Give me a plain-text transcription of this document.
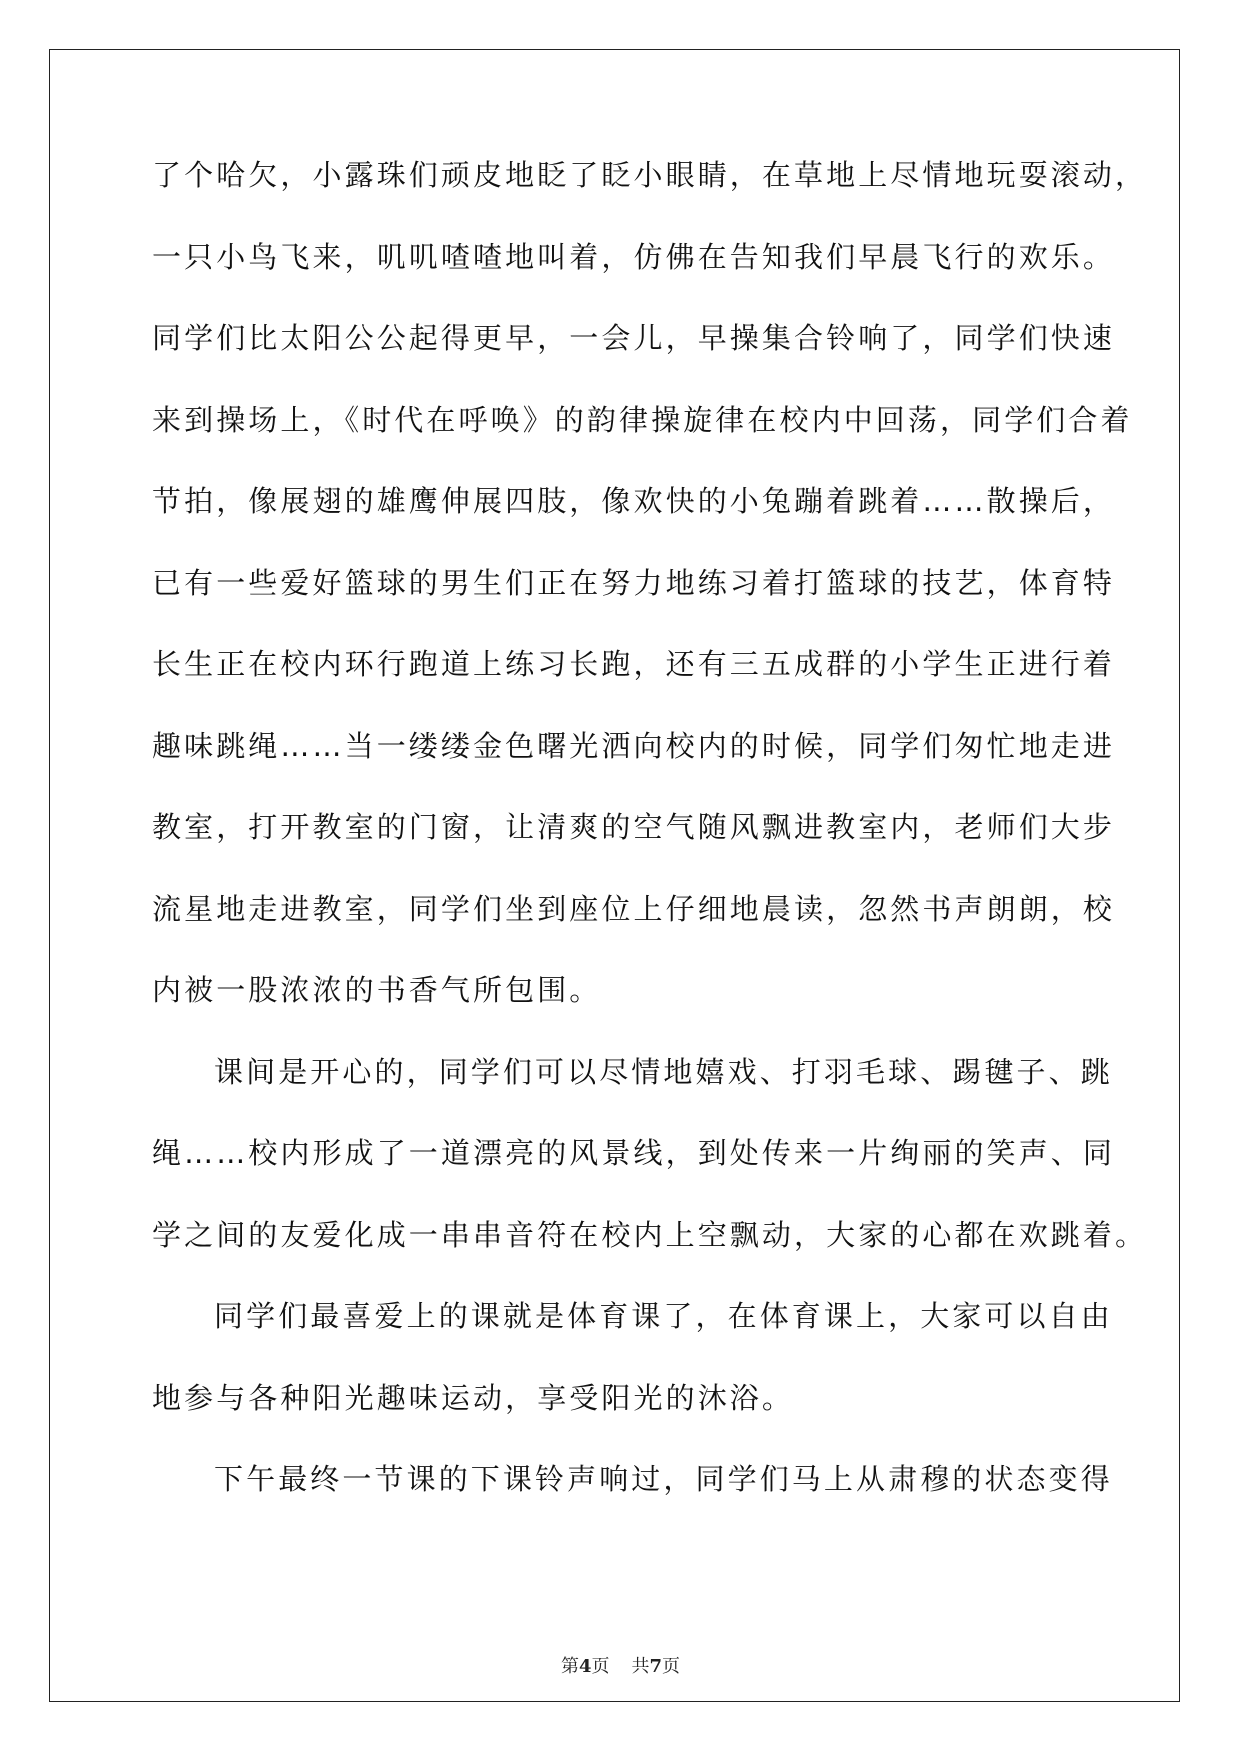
了个哈欠，小露珠们顽皮地眨了眨小眼睛，在草地上尽情地玩耍滚动，
一只小鸟飞来，叽叽喳喳地叫着，仿佛在告知我们早晨飞行的欢乐。
同学们比太阳公公起得更早，一会儿，早操集合铃响了，同学们快速
来到操场上，《时代在呼唤》的韵律操旋律在校内中回荡，同学们合着
节拍，像展翅的雄鹰伸展四肢，像欢快的小兔蹦着跳着……散操后，
已有一些爱好篮球的男生们正在努力地练习着打篮球的技艺，体育特
长生正在校内环行跑道上练习长跑，还有三五成群的小学生正进行着
趣味跳绳……当一缕缕金色曙光洒向校内的时候，同学们匆忙地走进
教室，打开教室的门窗，让清爽的空气随风飘进教室内，老师们大步
流星地走进教室，同学们坐到座位上仔细地晨读，忽然书声朗朗，校
内被一股浓浓的书香气所包围。
课间是开心的，同学们可以尽情地嬉戏、打羽毛球、踢毽子、跳
绳……校内形成了一道漂亮的风景线，到处传来一片绚丽的笑声、同
学之间的友爱化成一串串音符在校内上空飘动，大家的心都在欢跳着。
同学们最喜爱上的课就是体育课了，在体育课上，大家可以自由
地参与各种阳光趣味运动，享受阳光的沐浴。
下午最终一节课的下课铃声响过，同学们马上从肃穆的状态变得
第4页 共7页
